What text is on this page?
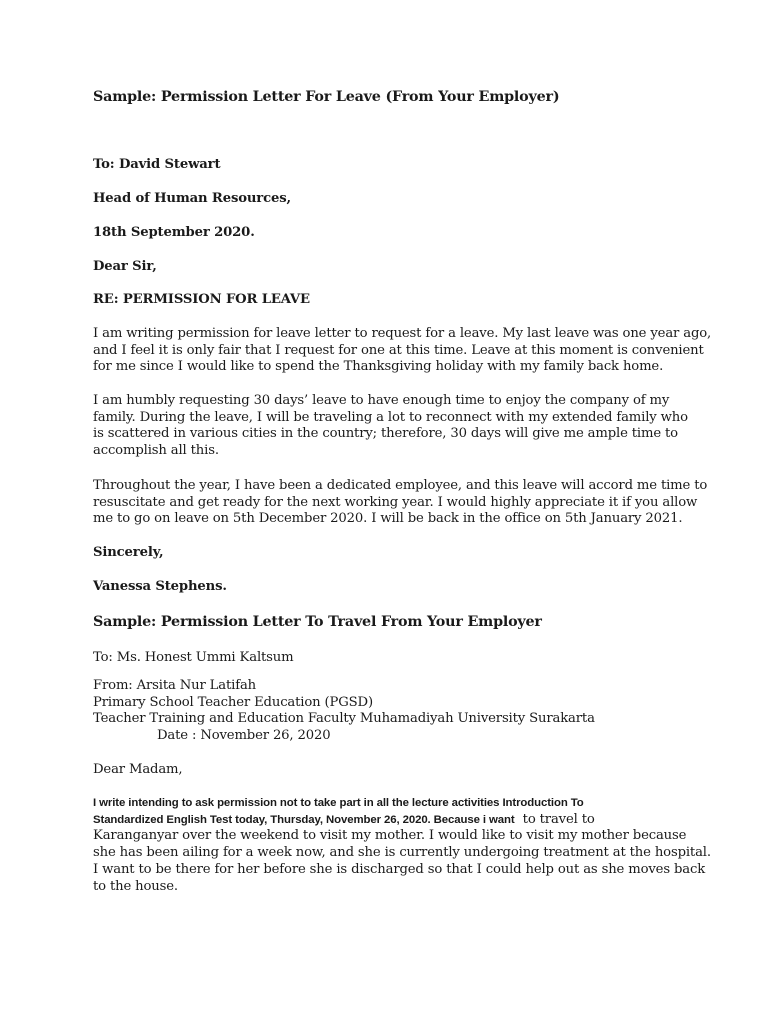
Sample: Permission Letter For Leave (From Your Employer)
To: David Stewart
Head of Human Resources,
18th September 2020.
Dear Sir,
RE: PERMISSION FOR LEAVE
I am writing permission for leave letter to request for a leave. My last leave was one year ago,
and I feel it is only fair that I request for one at this time. Leave at this moment is convenient
for me since I would like to spend the Thanksgiving holiday with my family back home.
I am humbly requesting 30 days’ leave to have enough time to enjoy the company of my
family. During the leave, I will be traveling a lot to reconnect with my extended family who
is scattered in various cities in the country; therefore, 30 days will give me ample time to
accomplish all this.
Throughout the year, I have been a dedicated employee, and this leave will accord me time to
resuscitate and get ready for the next working year. I would highly appreciate it if you allow
me to go on leave on 5th December 2020. I will be back in the office on 5th January 2021.
Sincerely,
Vanessa Stephens.
Sample: Permission Letter To Travel From Your Employer
To: Ms. Honest Ummi Kaltsum
From: Arsita Nur Latifah
Primary School Teacher Education (PGSD)
Teacher Training and Education Faculty Muhamadiyah University Surakarta
Date : November 26, 2020
Dear Madam,
I write intending to ask permission not to take part in all the lecture activities Introduction To
Standardized English Test today, Thursday, November 26, 2020. Because i want to travel to
Karanganyar over the weekend to visit my mother. I would like to visit my mother because
she has been ailing for a week now, and she is currently undergoing treatment at the hospital.
I want to be there for her before she is discharged so that I could help out as she moves back
to the house.
